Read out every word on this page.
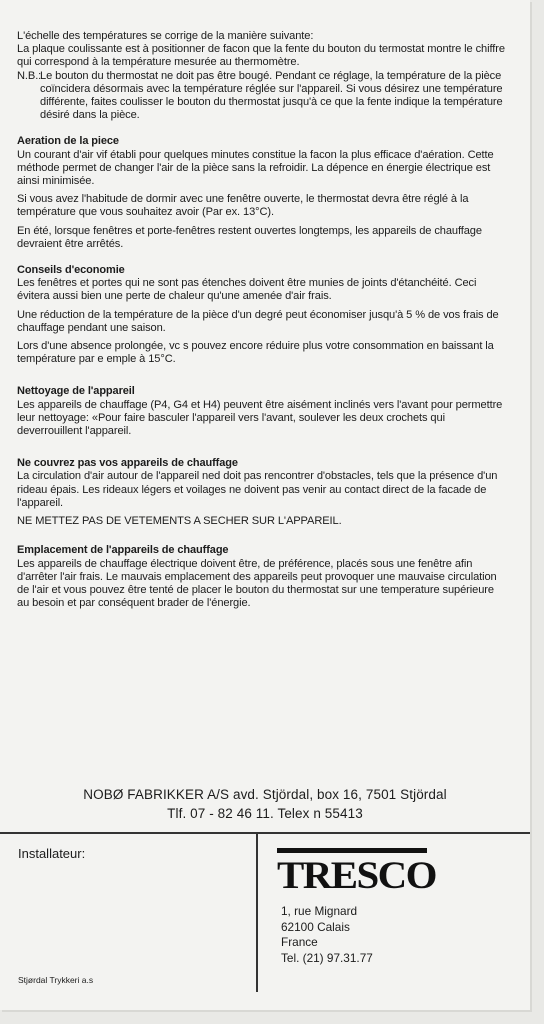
L'échelle des températures se corrige de la manière suivante:

La plaque coulissante est à positionner de facon que la fente du bouton du termostat montre le chiffre qui correspond à la température mesurée au thermomètre.

N.B.:
Le bouton du thermostat ne doit pas être bougé. Pendant ce réglage, la température de la pièce coïncidera désormais avec la température réglée sur l'appareil. Si vous désirez une température différente, faites coulisser le bouton du thermostat jusqu'à ce que la fente indique la température désiré dans la pièce.

Aeration de la piece

Un courant d'air vif établi pour quelques minutes constitue la facon la plus efficace d'aération. Cette méthode permet de changer l'air de la pièce sans la refroidir. La dépence en énergie électrique est ainsi minimisée.

Si vous avez l'habitude de dormir avec une fenêtre ouverte, le thermostat devra être réglé à la température que vous souhaitez avoir (Par ex. 13°C).

En été, lorsque fenêtres et porte-fenêtres restent ouvertes longtemps, les appareils de chauffage devraient être arrêtés.

Conseils d'economie

Les fenêtres et portes qui ne sont pas étenches doivent être munies de joints d'étanchéité. Ceci évitera aussi bien une perte de chaleur qu'une amenée d'air frais.

Une réduction de la température de la pièce d'un degré peut économiser jusqu'à 5 % de vos frais de chauffage pendant une saison.

Lors d'une absence prolongée, vc s pouvez encore réduire plus votre consommation en baissant la température par e emple à 15°C.

Nettoyage de l'appareil

Les appareils de chauffage (P4, G4 et H4) peuvent être aisément inclinés vers l'avant pour permettre leur nettoyage: «Pour faire basculer l'appareil vers l'avant, soulever les deux crochets qui deverrouillent l'appareil.

Ne couvrez pas vos appareils de chauffage

La circulation d'air autour de l'appareil ned doit pas rencontrer d'obstacles, tels que la présence d'un rideau épais. Les rideaux légers et voilages ne doivent pas venir au contact direct de la facade de l'appareil.

NE METTEZ PAS DE VETEMENTS A SECHER SUR L'APPAREIL.

Emplacement de l'appareils de chauffage

Les appareils de chauffage électrique doivent être, de préférence, placés sous une fenêtre afin d'arrêter l'air frais. Le mauvais emplacement des appareils peut provoquer une mauvaise circulation de l'air et vous pouvez être tenté de placer le bouton du thermostat sur une temperature supérieure au besoin et par conséquent brader de l'énergie.

NOBØ FABRIKKER A/S avd. Stjördal, box 16, 7501 Stjördal
Tlf. 07 - 82 46 11. Telex n 55413
Installateur:
TRESCO
1, rue Mignard
62100 Calais
France
Tel. (21) 97.31.77
Stjørdal Trykkeri a.s
